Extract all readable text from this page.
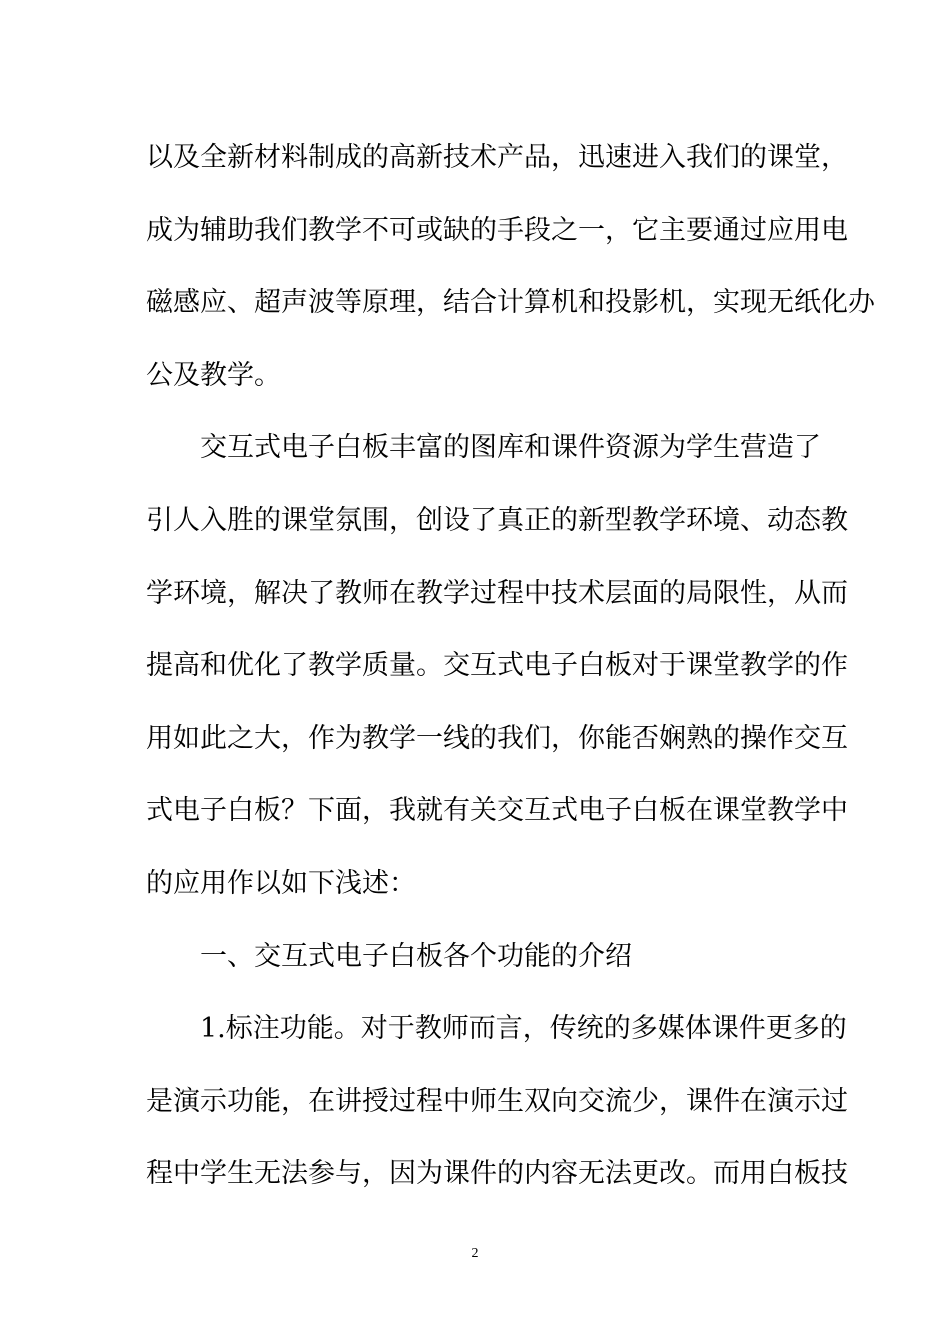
以及全新材料制成的高新技术产品，迅速进入我们的课堂，
成为辅助我们教学不可或缺的手段之一，它主要通过应用电
磁感应、超声波等原理，结合计算机和投影机，实现无纸化办
公及教学。
交互式电子白板丰富的图库和课件资源为学生营造了
引人入胜的课堂氛围，创设了真正的新型教学环境、动态教
学环境，解决了教师在教学过程中技术层面的局限性，从而
提高和优化了教学质量。交互式电子白板对于课堂教学的作
用如此之大，作为教学一线的我们，你能否娴熟的操作交互
式电子白板？下面，我就有关交互式电子白板在课堂教学中
的应用作以如下浅述：
一、交互式电子白板各个功能的介绍
1.标注功能。对于教师而言，传统的多媒体课件更多的
是演示功能，在讲授过程中师生双向交流少，课件在演示过
程中学生无法参与，因为课件的内容无法更改。而用白板技
2
